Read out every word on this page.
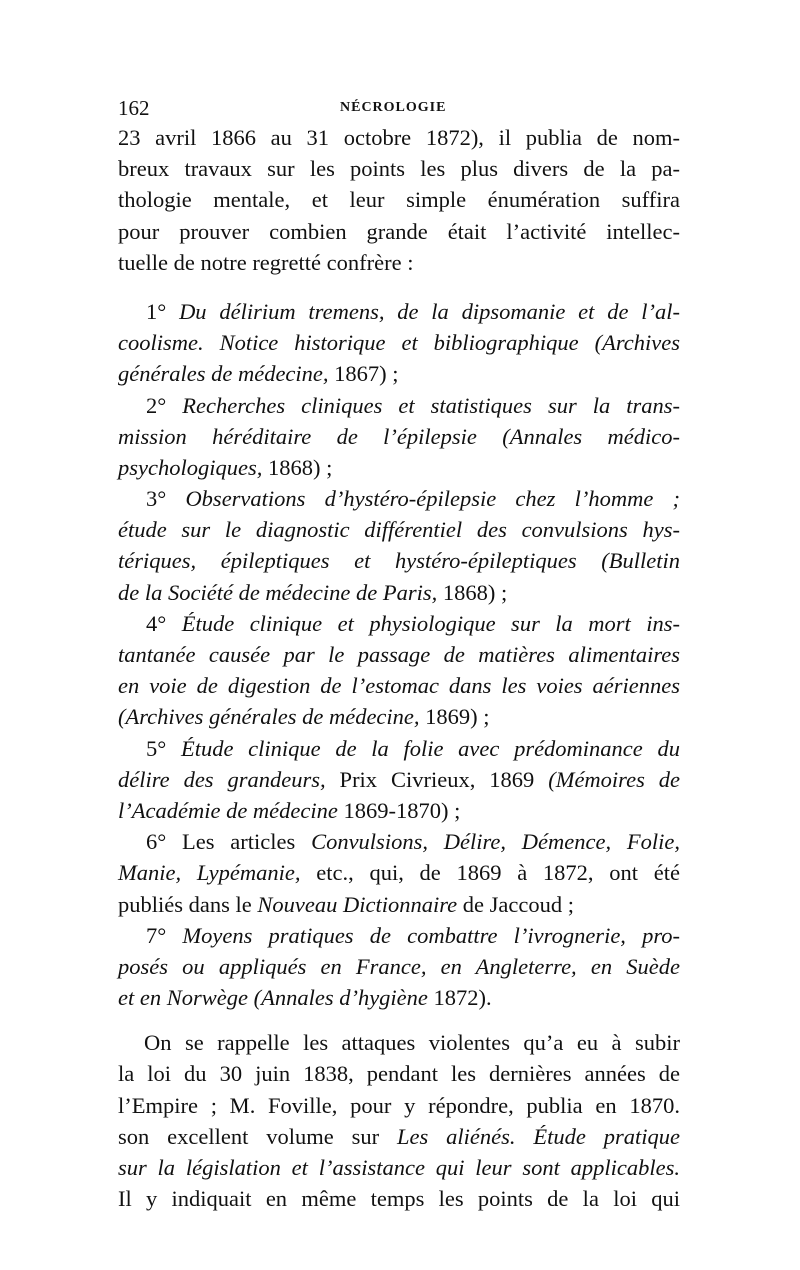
162	NÉCROLOGIE
23 avril 1866 au 31 octobre 1872), il publia de nom-
breux travaux sur les points les plus divers de la pa-
thologie mentale, et leur simple énumération suffira
pour prouver combien grande était l’activité intellec-
tuelle de notre regretté confrère :
1° Du délirium tremens, de la dipsomanie et de l’al-
coolisme. Notice historique et bibliographique (Archives
générales de médecine, 1867) ;
2° Recherches cliniques et statistiques sur la trans-
mission héréditaire de l’épilepsie (Annales médico-
psychologiques, 1868) ;
3° Observations d’hystéro-épilepsie chez l’homme ;
étude sur le diagnostic différentiel des convulsions hys-
tériques, épileptiques et hystéro-épileptiques (Bulletin
de la Société de médecine de Paris, 1868) ;
4° Étude clinique et physiologique sur la mort ins-
tantanée causée par le passage de matières alimentaires
en voie de digestion de l’estomac dans les voies aériennes
(Archives générales de médecine, 1869) ;
5° Étude clinique de la folie avec prédominance du
délire des grandeurs, Prix Civrieux, 1869 (Mémoires de
l’Académie de médecine 1869-1870) ;
6° Les articles Convulsions, Délire, Démence, Folie,
Manie, Lypémanie, etc., qui, de 1869 à 1872, ont été
publiés dans le Nouveau Dictionnaire de Jaccoud ;
7° Moyens pratiques de combattre l’ivrognerie, pro-
posés ou appliqués en France, en Angleterre, en Suède
et en Norwège (Annales d’hygiène 1872).
On se rappelle les attaques violentes qu’a eu à subir
la loi du 30 juin 1838, pendant les dernières années de
l’Empire ; M. Foville, pour y répondre, publia en 1870.
son excellent volume sur Les aliénés. Étude pratique
sur la législation et l’assistance qui leur sont applicables.
Il y indiquait en même temps les points de la loi qui
